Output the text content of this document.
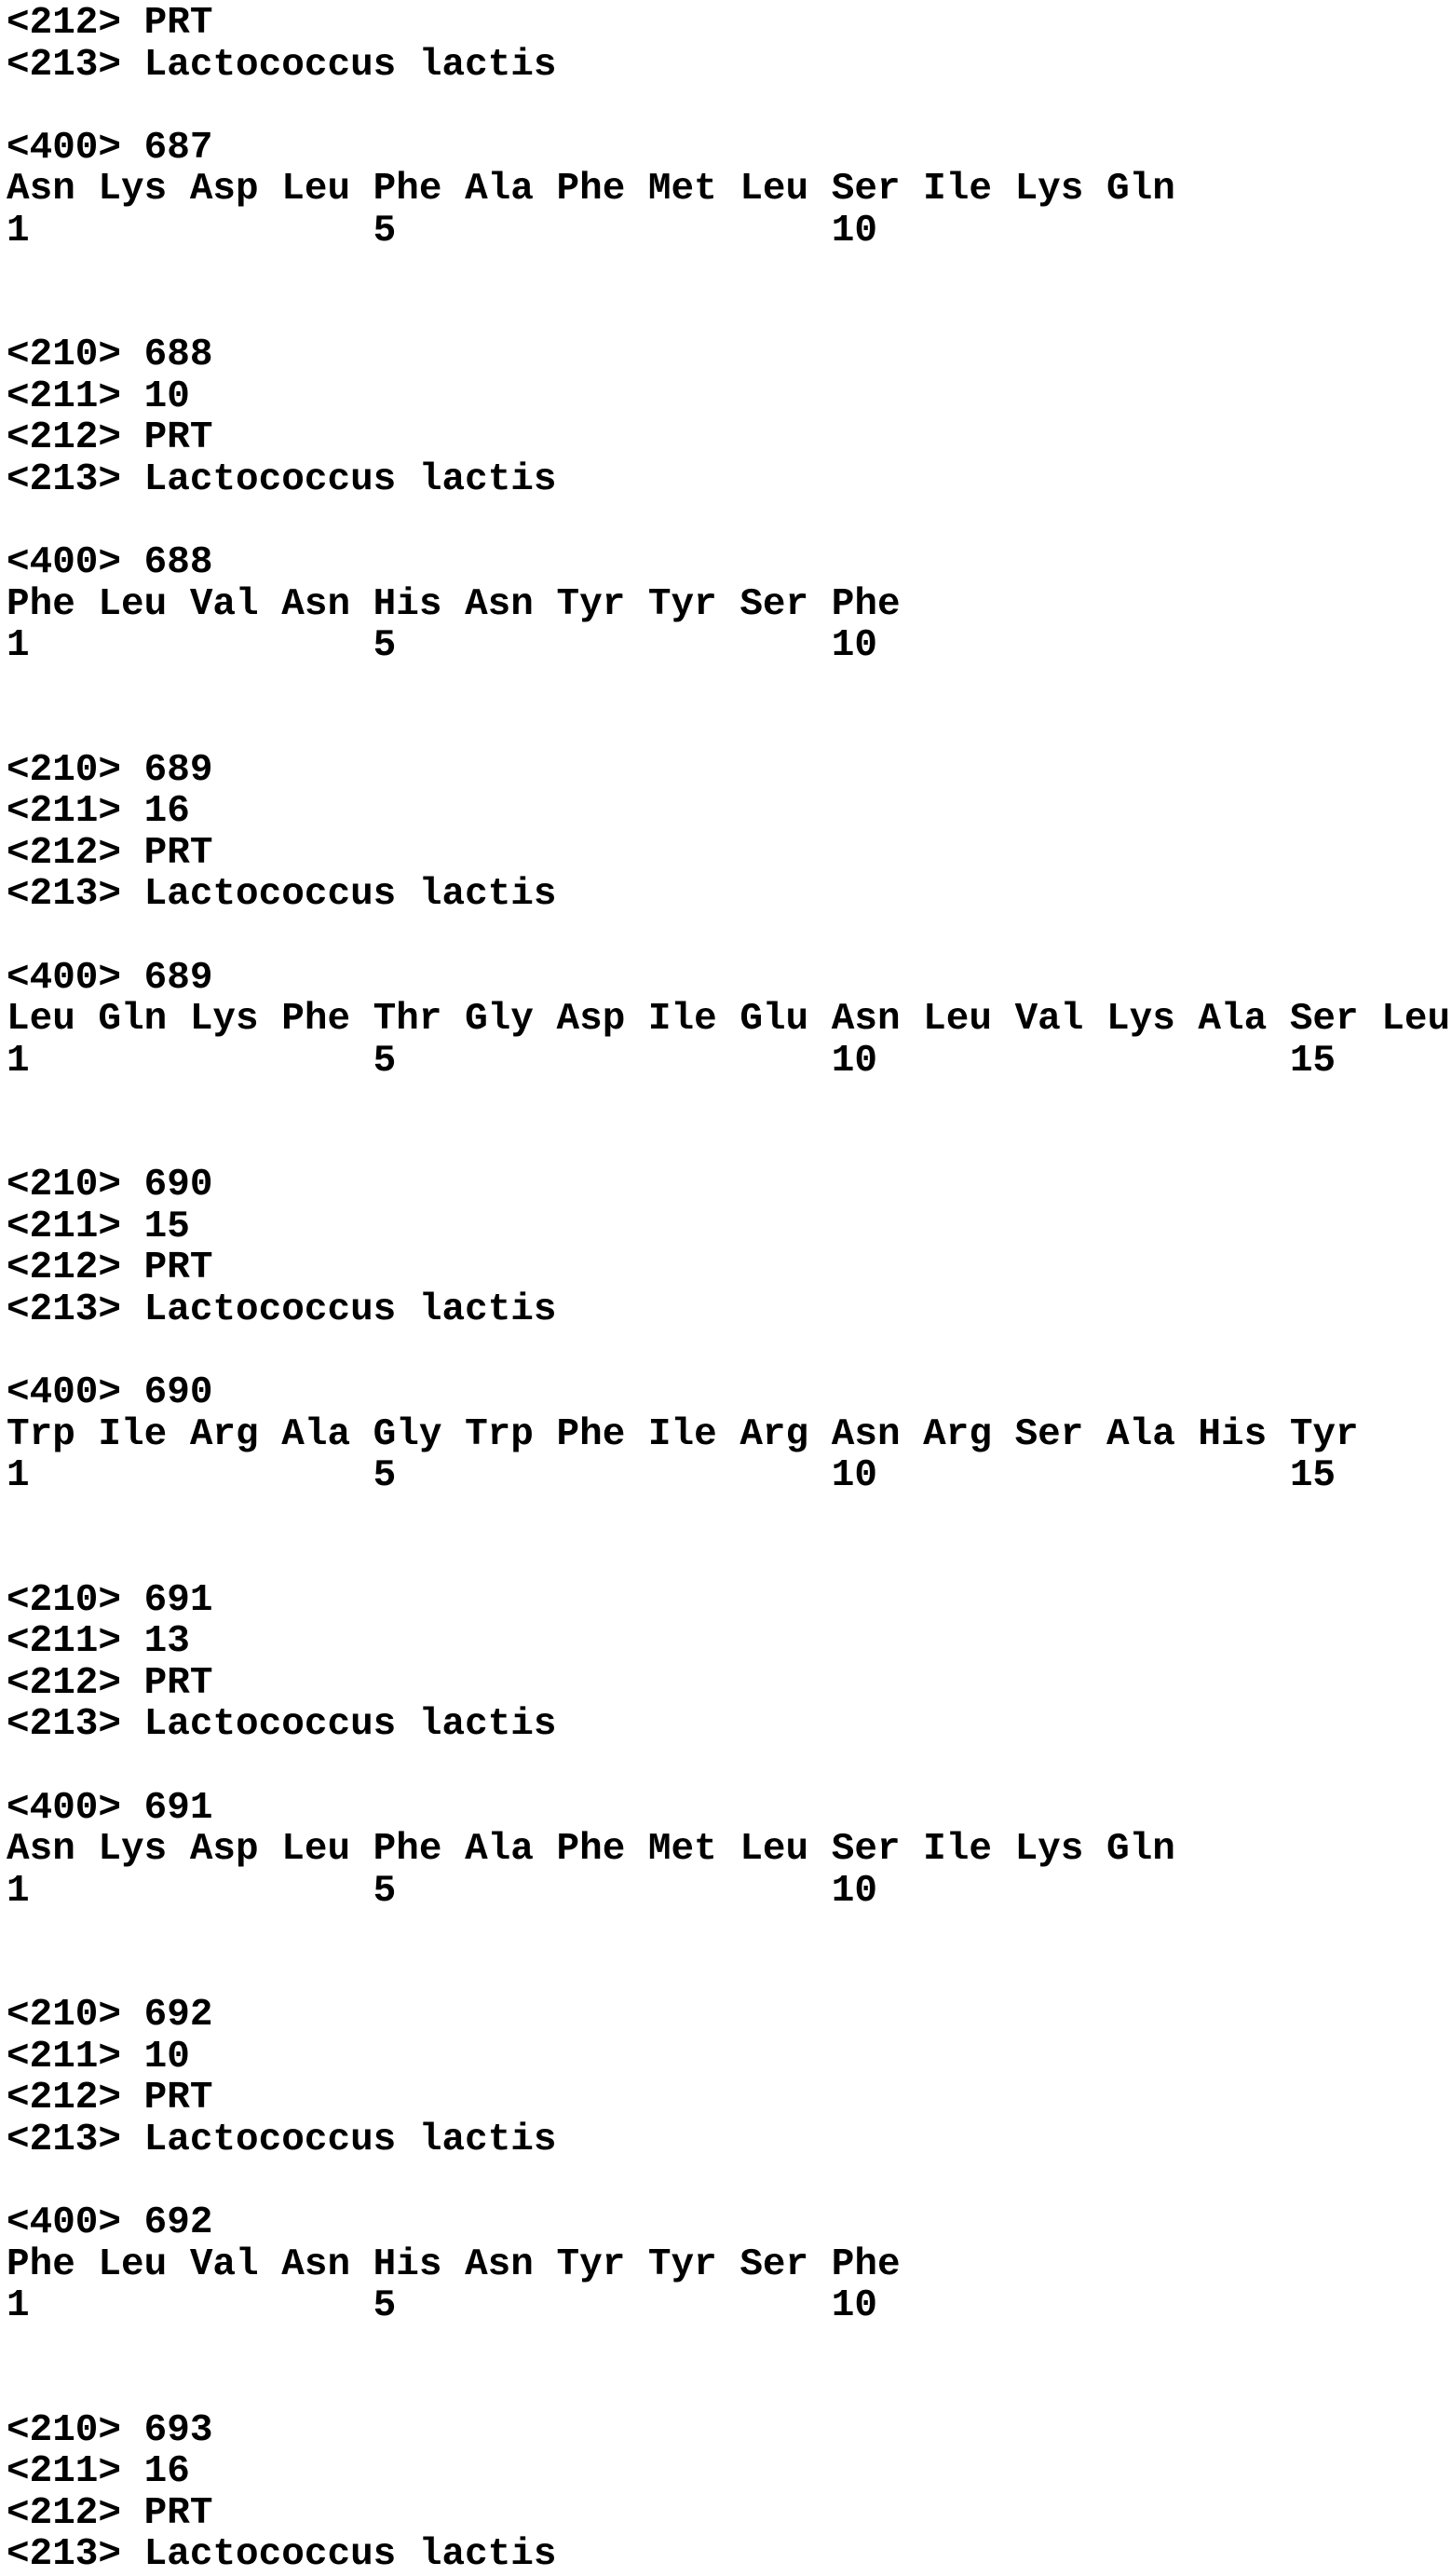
<212> PRT
<213> Lactococcus lactis

<400> 687
Asn Lys Asp Leu Phe Ala Phe Met Leu Ser Ile Lys Gln
1               5                   10

<210> 688
<211> 10
<212> PRT
<213> Lactococcus lactis

<400> 688
Phe Leu Val Asn His Asn Tyr Tyr Ser Phe
1               5                   10

<210> 689
<211> 16
<212> PRT
<213> Lactococcus lactis

<400> 689
Leu Gln Lys Phe Thr Gly Asp Ile Glu Asn Leu Val Lys Ala Ser Leu
1               5                   10                  15

<210> 690
<211> 15
<212> PRT
<213> Lactococcus lactis

<400> 690
Trp Ile Arg Ala Gly Trp Phe Ile Arg Asn Arg Ser Ala His Tyr
1               5                   10                  15

<210> 691
<211> 13
<212> PRT
<213> Lactococcus lactis

<400> 691
Asn Lys Asp Leu Phe Ala Phe Met Leu Ser Ile Lys Gln
1               5                   10

<210> 692
<211> 10
<212> PRT
<213> Lactococcus lactis

<400> 692
Phe Leu Val Asn His Asn Tyr Tyr Ser Phe
1               5                   10

<210> 693
<211> 16
<212> PRT
<213> Lactococcus lactis
